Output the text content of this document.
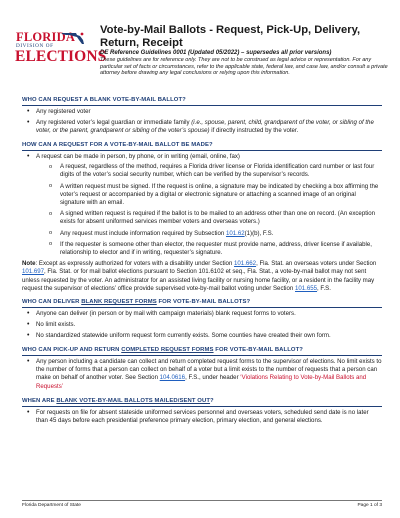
FLORIDA
DIVISION OF
ELECTIONS
Vote-by-Mail Ballots - Request, Pick-Up, Delivery, Return, Receipt
DE Reference Guidelines 0001 (Updated 05/2022) – supersedes all prior versions)
These guidelines are for reference only. They are not to be construed as legal advice or representation. For any particular set of facts or circumstances, refer to the applicable state, federal law, and case law, and/or consult a private attorney before drawing any legal conclusions or relying upon this information.
WHO CAN REQUEST A BLANK VOTE-BY-MAIL BALLOT?
• Any registered voter
• Any registered voter’s legal guardian or immediate family (i.e., spouse, parent, child, grandparent of the voter, or sibling of the voter, or the parent, grandparent or sibling of the voter’s spouse) if directly instructed by the voter.
HOW CAN A REQUEST FOR A VOTE-BY-MAIL BALLOT BE MADE?
• A request can be made in person, by phone, or in writing (email, online, fax)
o A request, regardless of the method, requires a Florida driver license or Florida identification card number or last four digits of the voter’s social security number, which can be verified by the supervisor’s records.
o A written request must be signed. If the request is online, a signature may be indicated by checking a box affirming the voter’s request or accompanied by a digital or electronic signature or attaching a scanned image of an original signature with an email.
o A signed written request is required if the ballot is to be mailed to an address other than one on record. (An exception exists for absent uniformed services member voters and overseas voters.)
o Any request must include information required by Subsection 101.62(1)(b), F.S.
o If the requester is someone other than elector, the requester must provide name, address, driver license if available, relationship to elector and if in writing, requester’s signature.

Note: Except as expressly authorized for voters with a disability under Section 101.662, Fla. Stat. an overseas voters under Section 101.697, Fla. Stat. or for mail ballot elections pursuant to Section 101.6102 et seq., Fla. Stat., a vote-by-mail ballot may not sent unless requested by the voter. An administrator for an assisted living facility or nursing home facility, or a resident in the facility may request the supervisor of elections’ office provide supervised vote-by-mail ballot voting under Section 101.655, F.S.

WHO CAN DELIVER BLANK REQUEST FORMS FOR VOTE-BY-MAIL BALLOTS?
• Anyone can deliver (in person or by mail with campaign materials) blank request forms to voters.
• No limit exists.
• No standardized statewide uniform request form currently exists. Some counties have created their own form.
WHO CAN PICK-UP AND RETURN COMPLETED REQUEST FORMS FOR VOTE-BY-MAIL BALLOT?
• Any person including a candidate can collect and return completed request forms to the supervisor of elections. No limit exists to the number of forms that a person can collect on behalf of a voter but a limit exists to the number of requests that a person can make on behalf of another voter. See Section 104.0616, F.S., under header ‘Violations Relating to Vote-by-Mail Ballots and Requests’
WHEN ARE BLANK VOTE-BY-MAIL BALLOTS MAILED/SENT OUT?
• For requests on file for absent stateside uniformed services personnel and overseas voters, scheduled send date is no later than 45 days before each presidential preference primary election, primary election, and general elections.
Florida Department of State	Page 1 of 3
